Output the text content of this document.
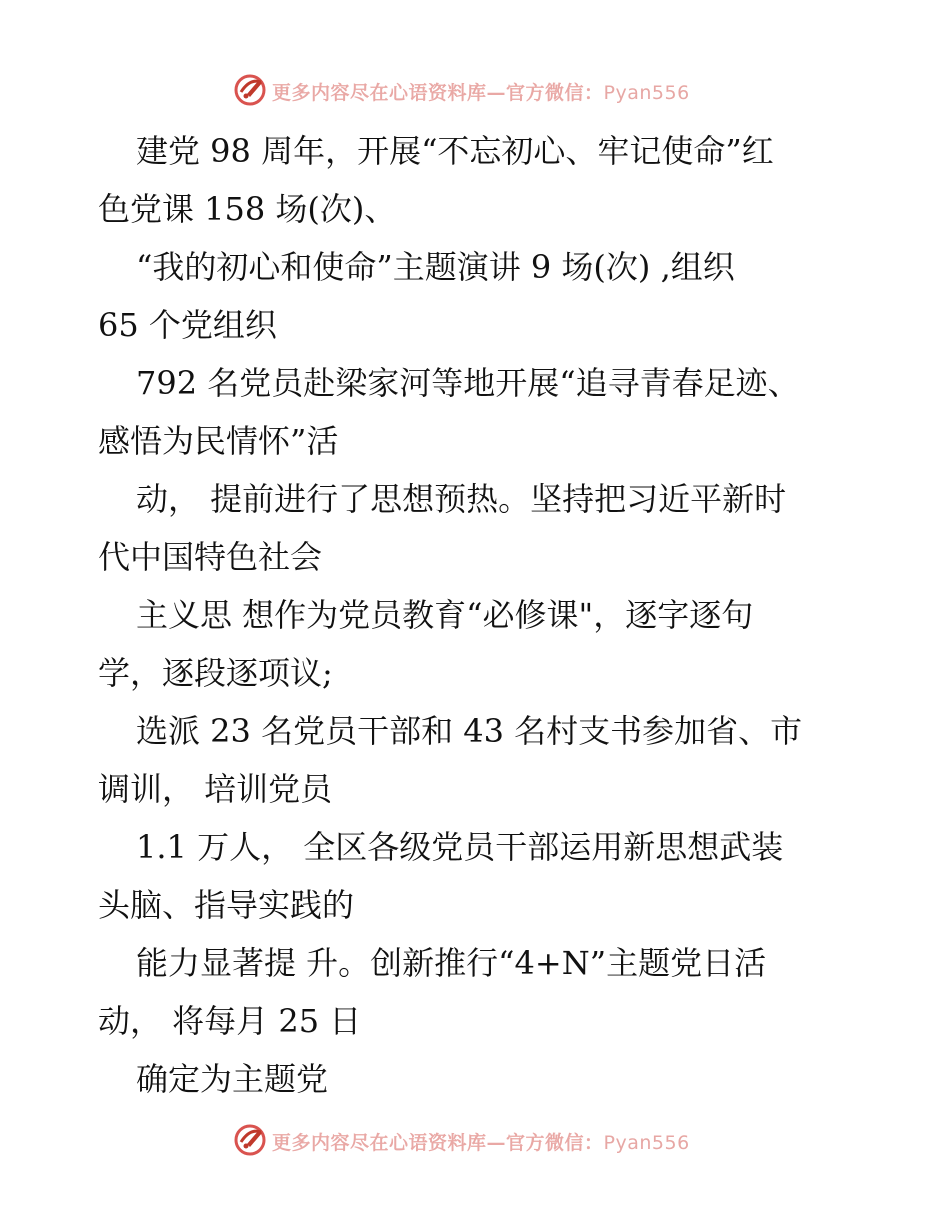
更多内容尽在心语资料库—官方微信：Pyan556
建党 98 周年，开展“不忘初心、牢记使命”红
色党课 158 场(次)、
“我的初心和使命”主题演讲 9 场(次) ,组织
65 个党组织
792 名党员赴梁家河等地开展“追寻青春足迹、
感悟为民情怀”活
动， 提前进行了思想预热。坚持把习近平新时
代中国特色社会
主义思 想作为党员教育“必修课"，逐字逐句
学，逐段逐项议;
选派 23 名党员干部和 43 名村支书参加省、市
调训， 培训党员
1.1 万人， 全区各级党员干部运用新思想武装
头脑、指导实践的
能力显著提 升。创新推行“4+N”主题党日活
动， 将每月 25 日
确定为主题党
更多内容尽在心语资料库—官方微信：Pyan556
